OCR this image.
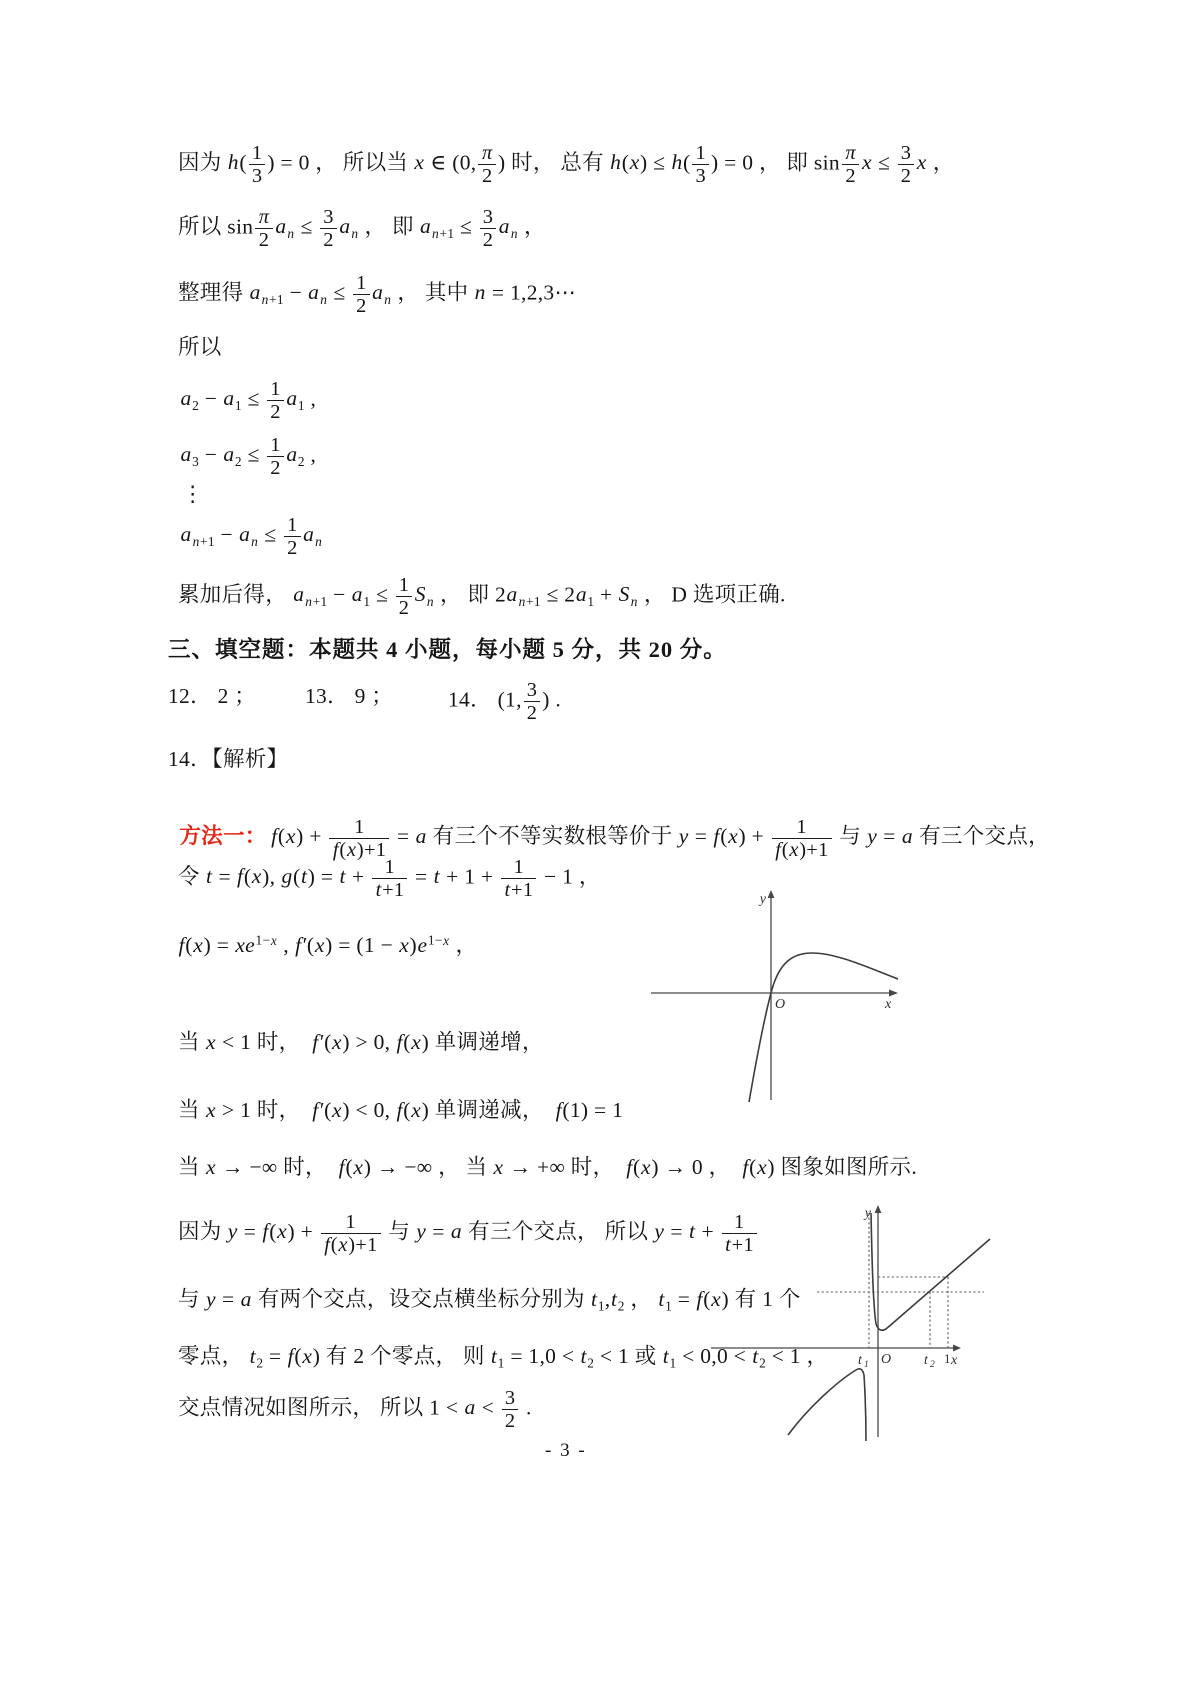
因为 $h( \frac{1}{3}$ ) = 0 ， 所以当 x ∈ (0, $\frac{\pi}{2}$ ) 时， 总有 $h(x) \le h( \frac{1}{3}$ ) = 0 ， 即 $\sin \frac{\pi}{2}$ $x \le \frac{3}{2}$ x ，
所以 $\sin \frac{\pi}{2} a_n \le \frac{3}{2} a_n$ ， 即 $a_{n+1} \le \frac{3}{2} a_n$ ，
整理得 $a_{n+1} - a_n \le \frac{1}{2} a_n$ ， 其中 n = 1,2,3⋯
所以
$a_2 - a_1 \le \frac{1}{2} a_1$ ,
$a_3 - a_2 \le \frac{1}{2} a_2$ ,
⋮
$a_{n+1} - a_n \le \frac{1}{2} a_n$
累加后得， $a_{n+1} - a_1 \le \frac{1}{2} S_n$ ， 即 $2a_{n+1} \le 2a_1 + S_n$ ， D 选项正确.
三、填空题：本题共 4 小题，每小题 5 分，共 20 分。
12． 2 ； 13． 9 ；	14． (1, $\frac{3}{2}$ ) .
14．【解析】

方法一： $f(x) + \frac{1}{f(x)+1} = a$ 有三个不等实数根等价于 $y = f(x) + \frac{1}{f(x)+1}$ 与 y = a 有三个交点，

令 t = f(x), $g(t) = t + \frac{1}{t+1} = t + 1 + \frac{1}{t+1} - 1$ ，
$f(x) = xe^{1-x}$ , $f'(x) = (1 - x)e^{1-x}$ ，
当 x < 1 时，  f′(x) > 0, f(x) 单调递增，
当 x > 1 时，  f′(x) < 0, f(x) 单调递减，  f(1) = 1
当 x → −∞ 时，  f(x) → −∞ ， 当 x → +∞ 时，  f(x) → 0 ，  f(x) 图象如图所示.
因为 $y = f(x) + \frac{1}{f(x)+1}$ 与 y = a 有三个交点， 所以 $y = t + \frac{1}{t+1}$
与 y = a 有两个交点，设交点横坐标分别为 $t_1,t_2$ ， $t_1 = f(x)$ 有 1 个
零点， $t_2 = f(x)$ 有 2 个零点， 则 $t_1 = 1,0 < t_2 < 1$ 或 $t_1 < 0,0 < t_2 < 1$ ，
交点情况如图所示， 所以 $1 < a < \frac{3}{2}$ .
- 3 -
y
x
O
y
x
O
t 1	t 2 1
